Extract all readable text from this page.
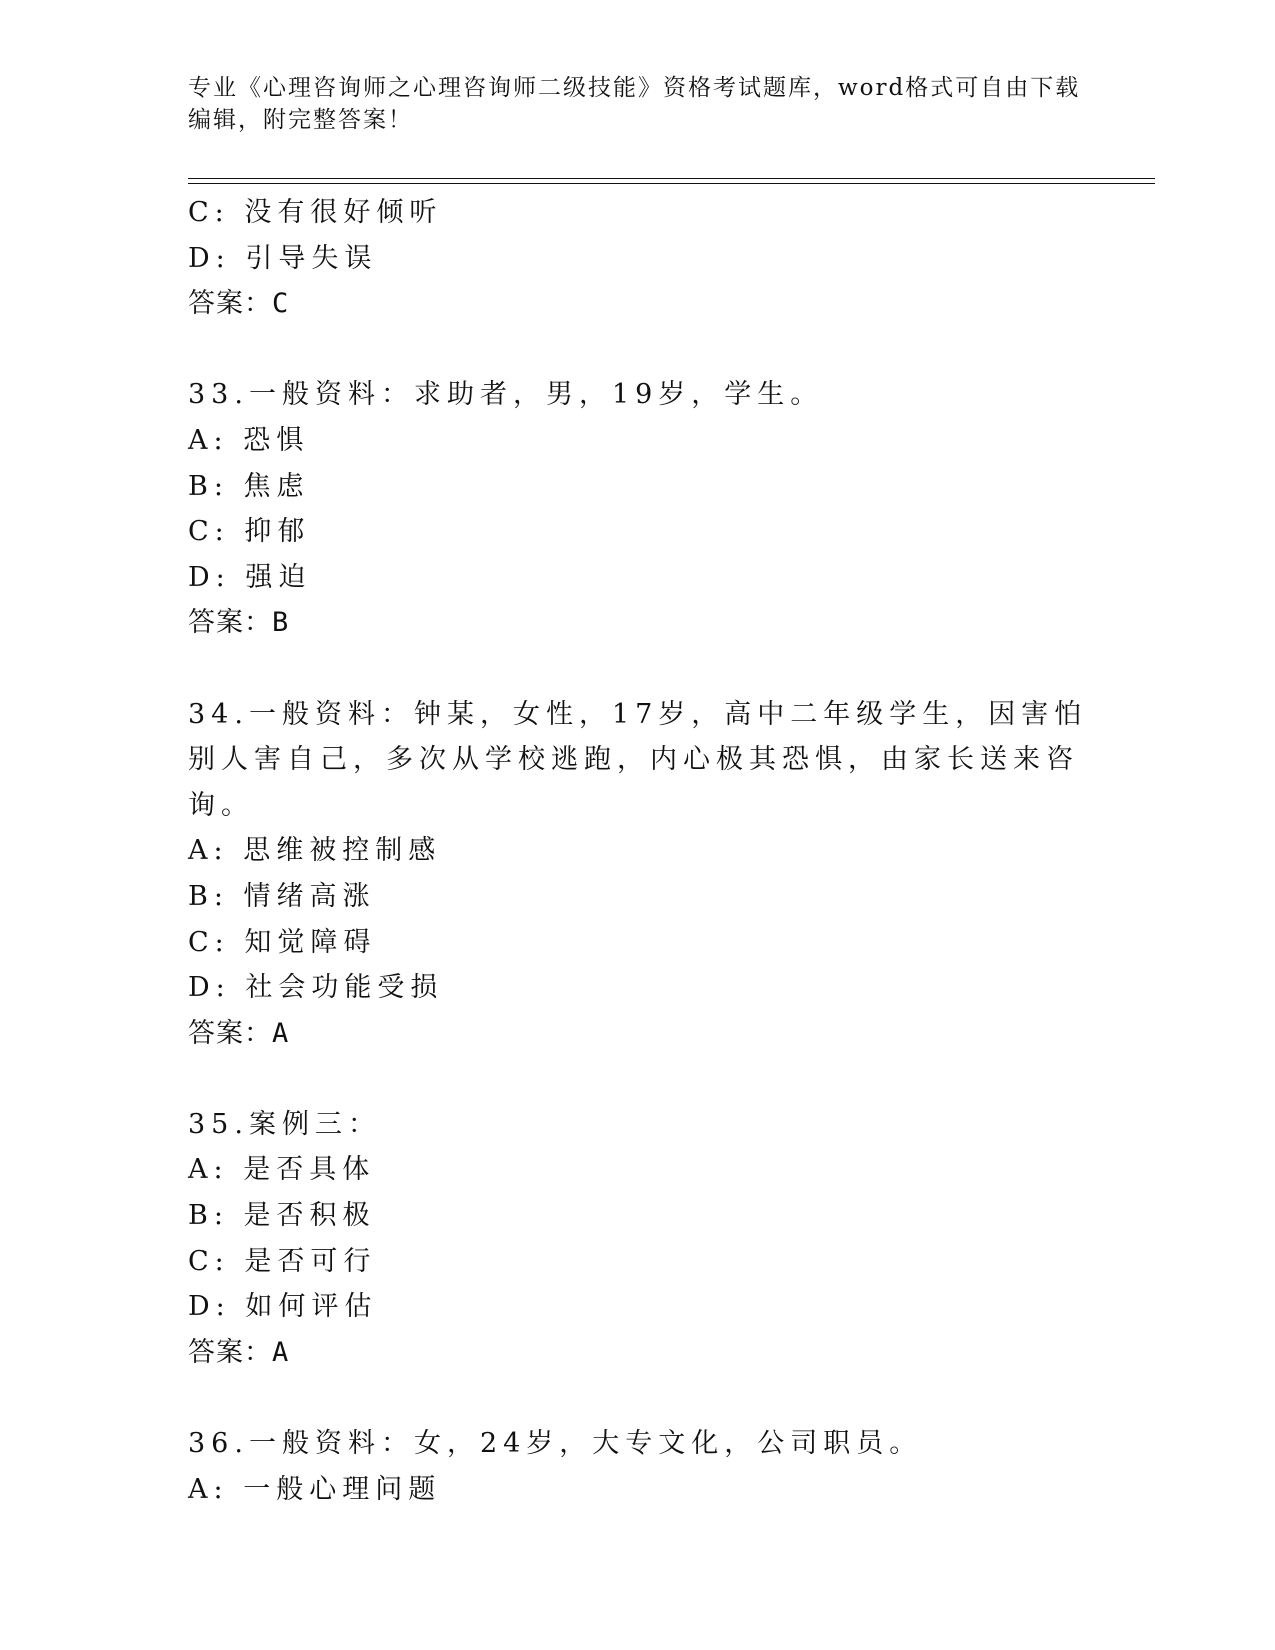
专业《心理咨询师之心理咨询师二级技能》资格考试题库，word格式可自由下载
编辑，附完整答案！
C: 没有很好倾听
D: 引导失误
答案：C
33.一般资料：求助者，男，19岁，学生。
A: 恐惧
B: 焦虑
C: 抑郁
D: 强迫
答案：B
34.一般资料：钟某，女性，17岁，高中二年级学生，因害怕别人害自己，多次从学校逃跑，内心极其恐惧，由家长送来咨询。
A: 思维被控制感
B: 情绪高涨
C: 知觉障碍
D: 社会功能受损
答案：A
35.案例三：
A: 是否具体
B: 是否积极
C: 是否可行
D: 如何评估
答案：A
36.一般资料：女，24岁，大专文化，公司职员。
A: 一般心理问题
